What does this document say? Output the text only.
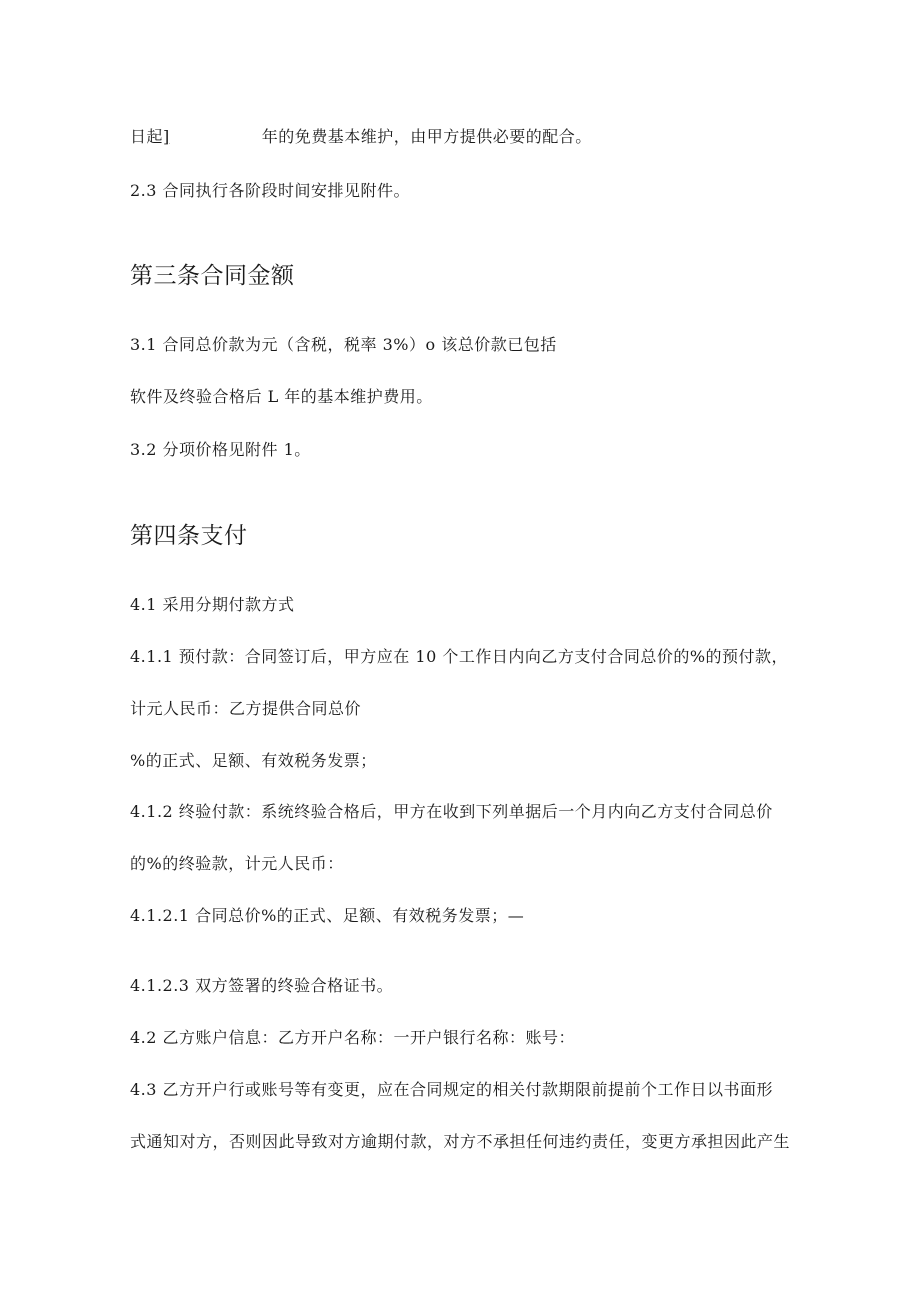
日起]	年的免费基本维护，由甲方提供必要的配合。
2.3 合同执行各阶段时间安排见附件。
第三条合同金额
3.1 合同总价款为元（含税，税率 3%）o 该总价款已包括
软件及终验合格后 L 年的基本维护费用。
3.2 分项价格见附件 1。
第四条支付
4.1 采用分期付款方式
4.1.1 预付款：合同签订后，甲方应在 10 个工作日内向乙方支付合同总价的%的预付款，
计元人民币：乙方提供合同总价
%的正式、足额、有效税务发票；
4.1.2 终验付款：系统终验合格后，甲方在收到下列单据后一个月内向乙方支付合同总价
的%的终验款，计元人民币：
4.1.2.1 合同总价%的正式、足额、有效税务发票；—
4.1.2.3 双方签署的终验合格证书。
4.2 乙方账户信息：乙方开户名称：一开户银行名称：账号：
4.3 乙方开户行或账号等有变更，应在合同规定的相关付款期限前提前个工作日以书面形
式通知对方，否则因此导致对方逾期付款，对方不承担任何违约责任，变更方承担因此产生
